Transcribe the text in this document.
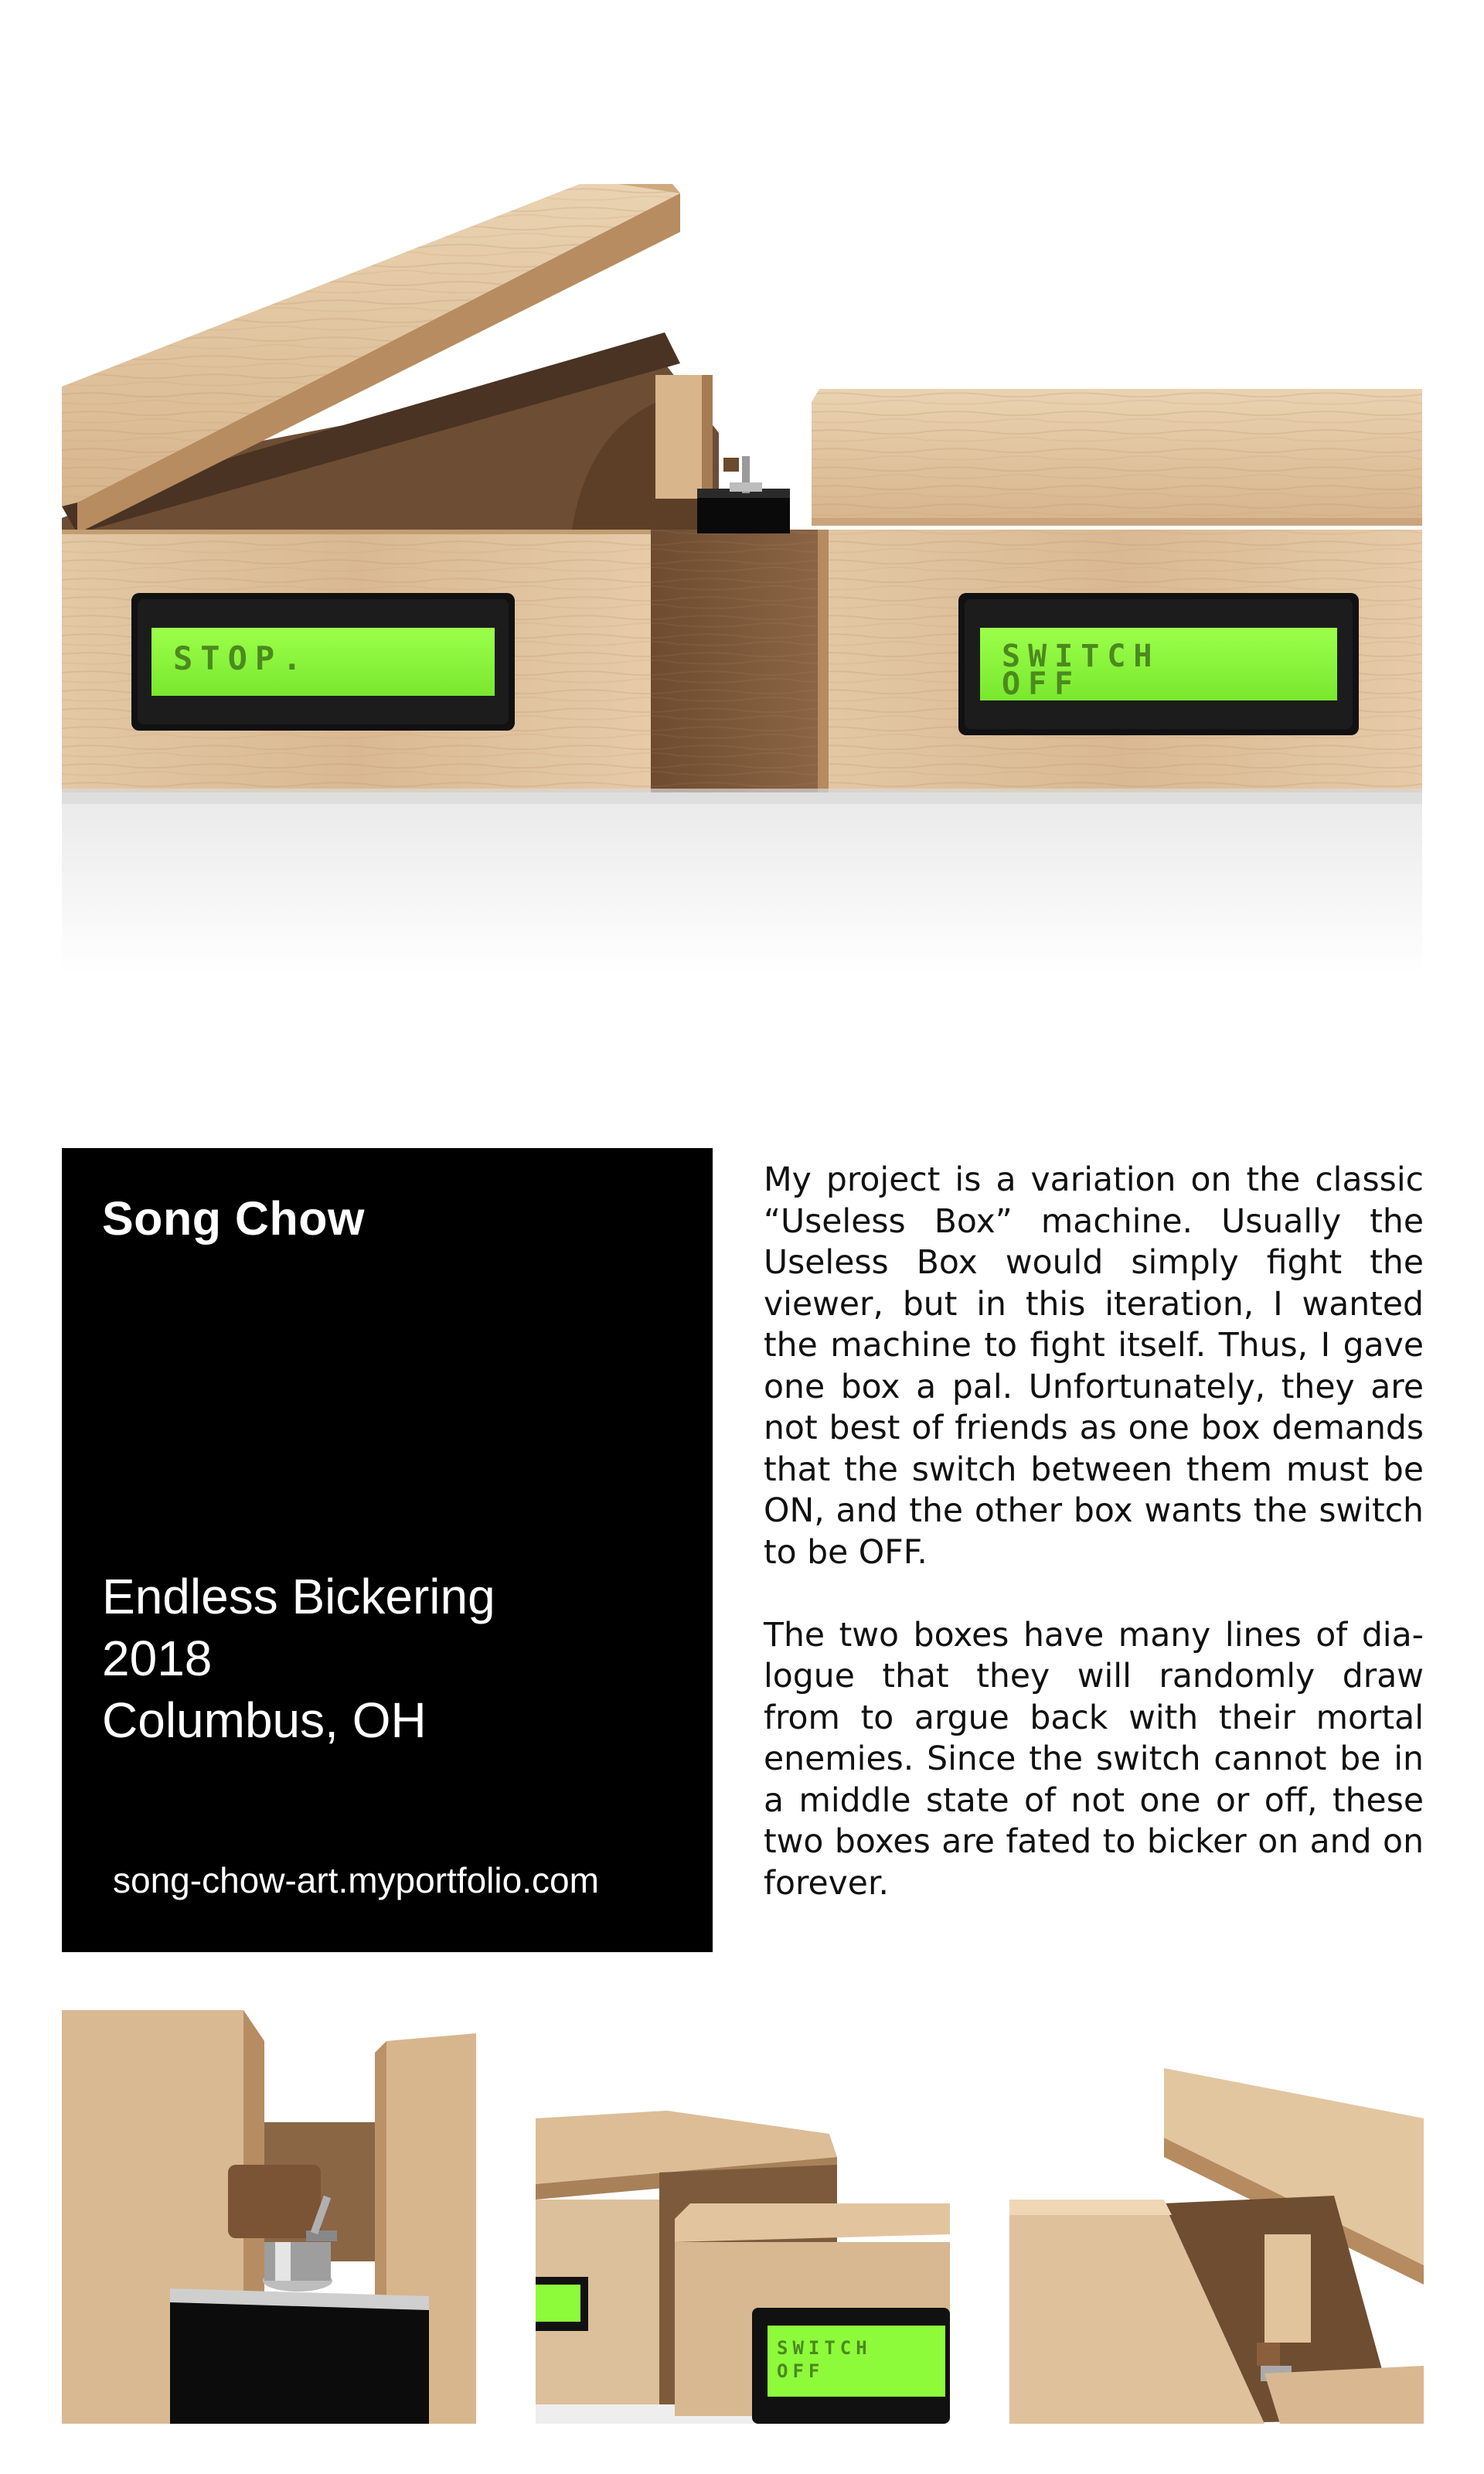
STOP.	SWITCH
OFF
Song Chow
Endless Bickering
2018
Columbus, OH
song-chow-art.myportfolio.com

My project is a variation on the classic “Useless Box” machine. Usually the Useless Box would simply fight the viewer, but in this iteration, I wanted the machine to fight itself. Thus, I gave one box a pal. Unfortunately, they are not best of friends as one box demands that the switch between them must be ON, and the other box wants the switch to be OFF.

The two boxes have many lines of dialogue that they will randomly draw from to argue back with their mortal enemies. Since the switch cannot be in a middle state of not one or off, these two boxes are fated to bicker on and on forever.

SWITCH
OFF
